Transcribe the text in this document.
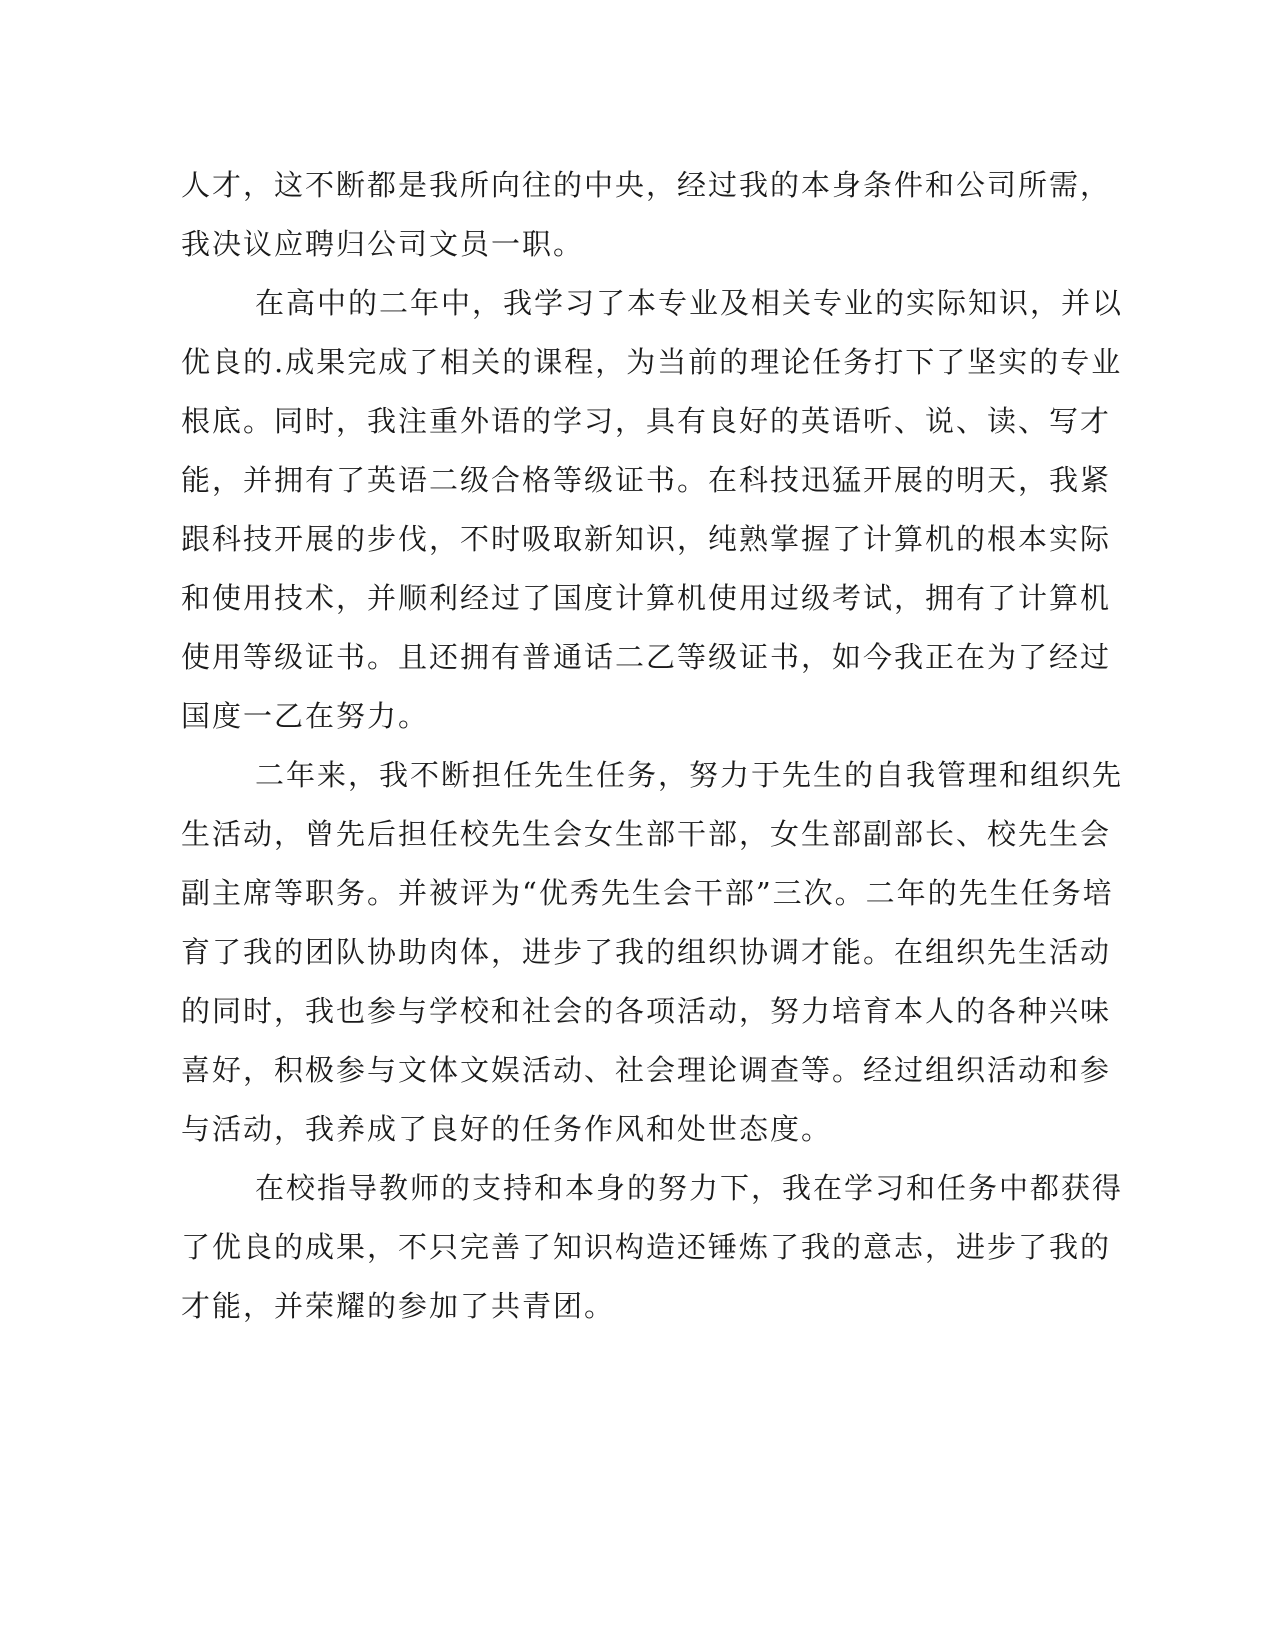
人才，这不断都是我所向往的中央，经过我的本身条件和公司所需，
我决议应聘归公司文员一职。
在高中的二年中，我学习了本专业及相关专业的实际知识，并以
优良的.成果完成了相关的课程，为当前的理论任务打下了坚实的专业
根底。同时，我注重外语的学习，具有良好的英语听、说、读、写才
能，并拥有了英语二级合格等级证书。在科技迅猛开展的明天，我紧
跟科技开展的步伐，不时吸取新知识，纯熟掌握了计算机的根本实际
和使用技术，并顺利经过了国度计算机使用过级考试，拥有了计算机
使用等级证书。且还拥有普通话二乙等级证书，如今我正在为了经过
国度一乙在努力。
二年来，我不断担任先生任务，努力于先生的自我管理和组织先
生活动，曾先后担任校先生会女生部干部，女生部副部长、校先生会
副主席等职务。并被评为“优秀先生会干部”三次。二年的先生任务培
育了我的团队协助肉体，进步了我的组织协调才能。在组织先生活动
的同时，我也参与学校和社会的各项活动，努力培育本人的各种兴味
喜好，积极参与文体文娱活动、社会理论调查等。经过组织活动和参
与活动，我养成了良好的任务作风和处世态度。
在校指导教师的支持和本身的努力下，我在学习和任务中都获得
了优良的成果，不只完善了知识构造还锤炼了我的意志，进步了我的
才能，并荣耀的参加了共青团。
